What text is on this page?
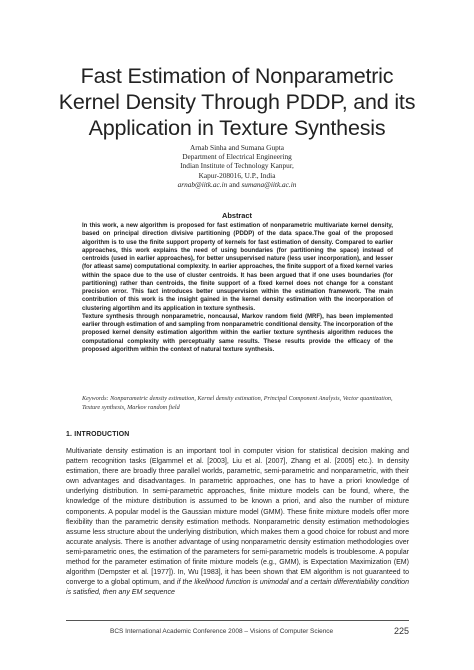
Fast Estimation of Nonparametric
Kernel Density Through PDDP, and its
Application in Texture Synthesis
Arnab Sinha and Sumana Gupta
Department of Electrical Engineering
Indian Institute of Technology Kanpur,
Kapur-208016, U.P., India
arnab@iitk.ac.in and sumana@iitk.ac.in
Abstract

In this work, a new algorithm is proposed for fast estimation of nonparametric multivariate kernel density, based on principal direction divisive partitioning (PDDP) of the data space.The goal of the proposed algorithm is to use the finite support property of kernels for fast estimation of density. Compared to earlier approaches, this work explains the need of using boundaries (for partitioning the space) instead of centroids (used in earlier approaches), for better unsupervised nature (less user incorporation), and lesser (for atleast same) computational complexity. In earlier approaches, the finite support of a fixed kernel varies within the space due to the use of cluster centroids. It has been argued that if one uses boundaries (for partitioning) rather than centroids, the finite support of a fixed kernel does not change for a constant precision error. This fact introduces better unsupervision within the estimation framework. The main contribution of this work is the insight gained in the kernel density estimation with the incorporation of clustering algortihm and its application in texture synthesis.

Texture synthesis through nonparametric, noncausal, Markov random field (MRF), has been implemented earlier through estimation of and sampling from nonparametric conditional density. The incorporation of the proposed kernel density estimation algorithm within the earlier texture synthesis algorithm reduces the computational complexity with perceptually same results. These results provide the efficacy of the proposed algorithm within the context of natural texture synthesis.

Keywords: Nonparametric density estimation, Kernel density estimation, Principal Component Analysis, Vector quantization, Texture synthesis, Markov random field
1. INTRODUCTION

Multivariate density estimation is an important tool in computer vision for statistical decision making and pattern recognition tasks (Elgammel et al. [2003], Liu et al. [2007], Zhang et al. [2005] etc.). In density estimation, there are broadly three parallel worlds, parametric, semi-parametric and nonparametric, with their own advantages and disadvantages. In parametric approaches, one has to have a priori knowledge of underlying distribution. In semi-parametric approaches, finite mixture models can be found, where, the knowledge of the mixture distribution is assumed to be known a priori, and also the number of mixture components. A popular model is the Gaussian mixture model (GMM). These finite mixture models offer more flexibility than the parametric density estimation methods. Nonparametric density estimation methodologies assume less structure about the underlying distribution, which makes them a good choice for robust and more accurate analysis. There is another advantage of using nonparametric density estimation methodologies over semi-parametric ones, the estimation of the parameters for semi-parametric models is troublesome. A popular method for the parameter estimation of finite mixture models (e.g., GMM), is Expectation Maximization (EM) algorithm (Dempster et al. [1977]). In, Wu [1983], it has been shown that EM algorithm is not guaranteed to converge to a global optimum, and if the likelihood function is unimodal and a certain differentiability condition is satisfied, then any EM sequence

BCS International Academic Conference 2008 – Visions of Computer Science	225
